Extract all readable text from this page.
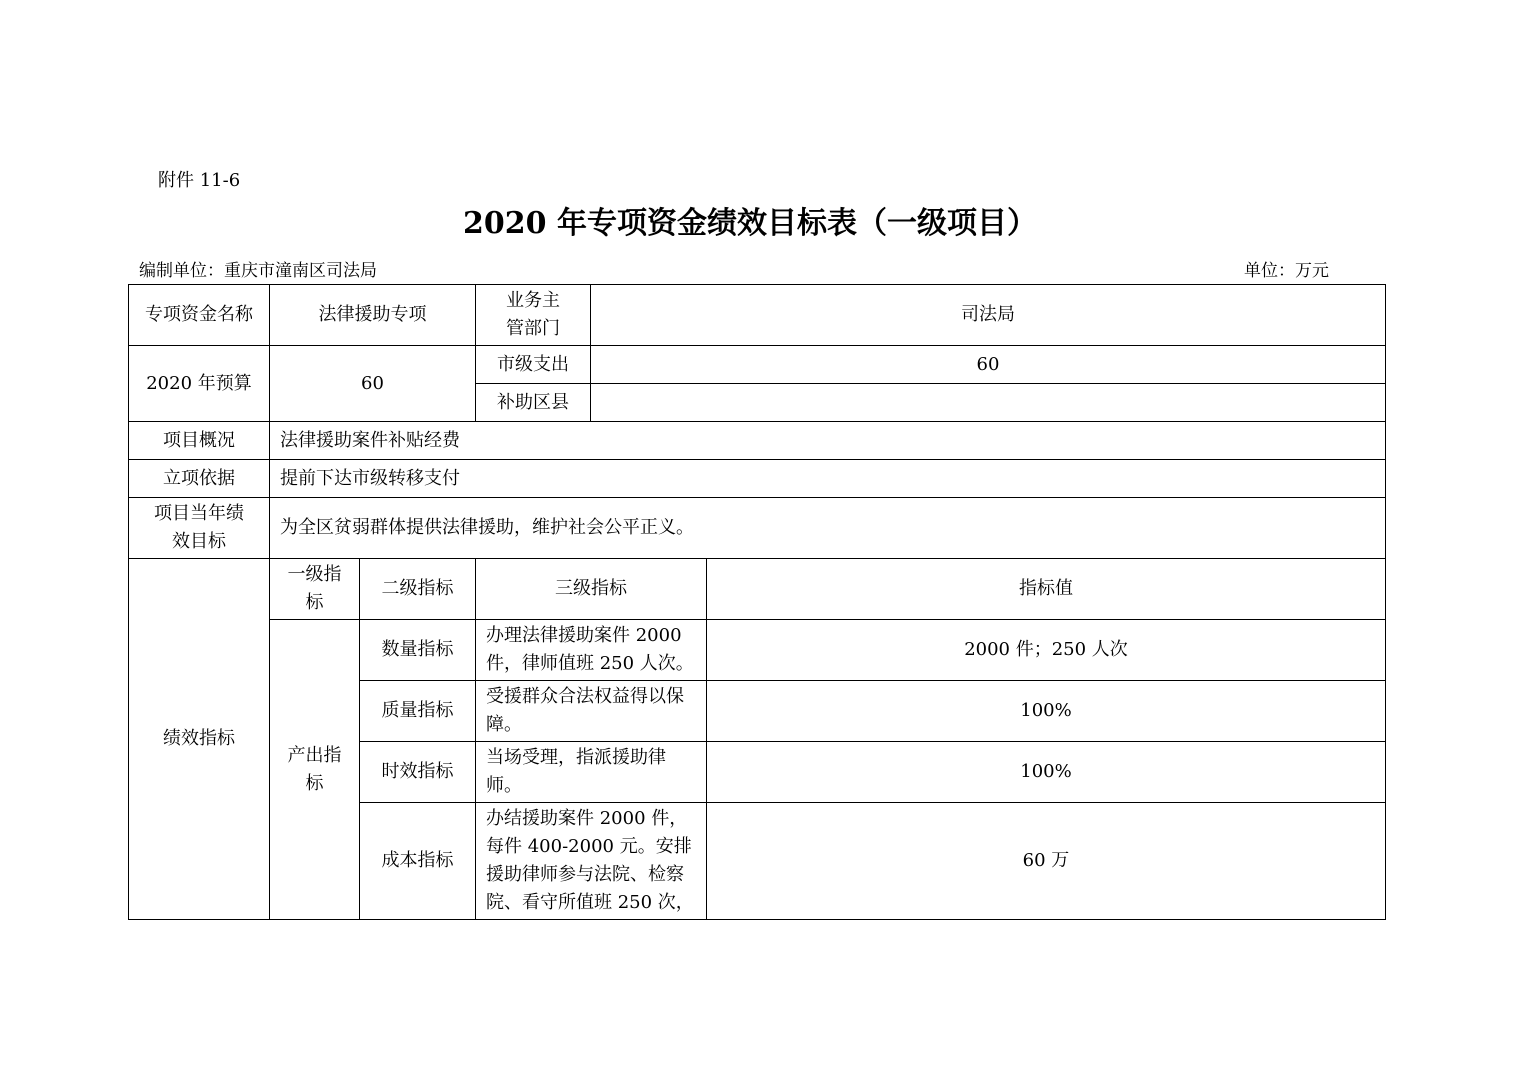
附件 11-6
2020 年专项资金绩效目标表（一级项目）
编制单位：重庆市潼南区司法局	单位：万元
专项资金名称	法律援助专项		业务主管部门	司法局	
2020 年预算	60		市级支出	60	
			补助区县		
项目概况	法律援助案件补贴经费				
立项依据	提前下达市级转移支付				
项目当年绩效目标	为全区贫弱群体提供法律援助，维护社会公平正义。				
绩效指标	一级指标	二级指标	三级指标		指标值
	产出指标	数量指标	办理法律援助案件 2000 件，律师值班 250 人次。		2000 件；250 人次
		质量指标	受援群众合法权益得以保障。		100%
		时效指标	当场受理，指派援助律师。		100%
		成本指标	办结援助案件 2000 件，每件 400-2000 元。安排援助律师参与法院、检察院、看守所值班 250 次，		60 万
